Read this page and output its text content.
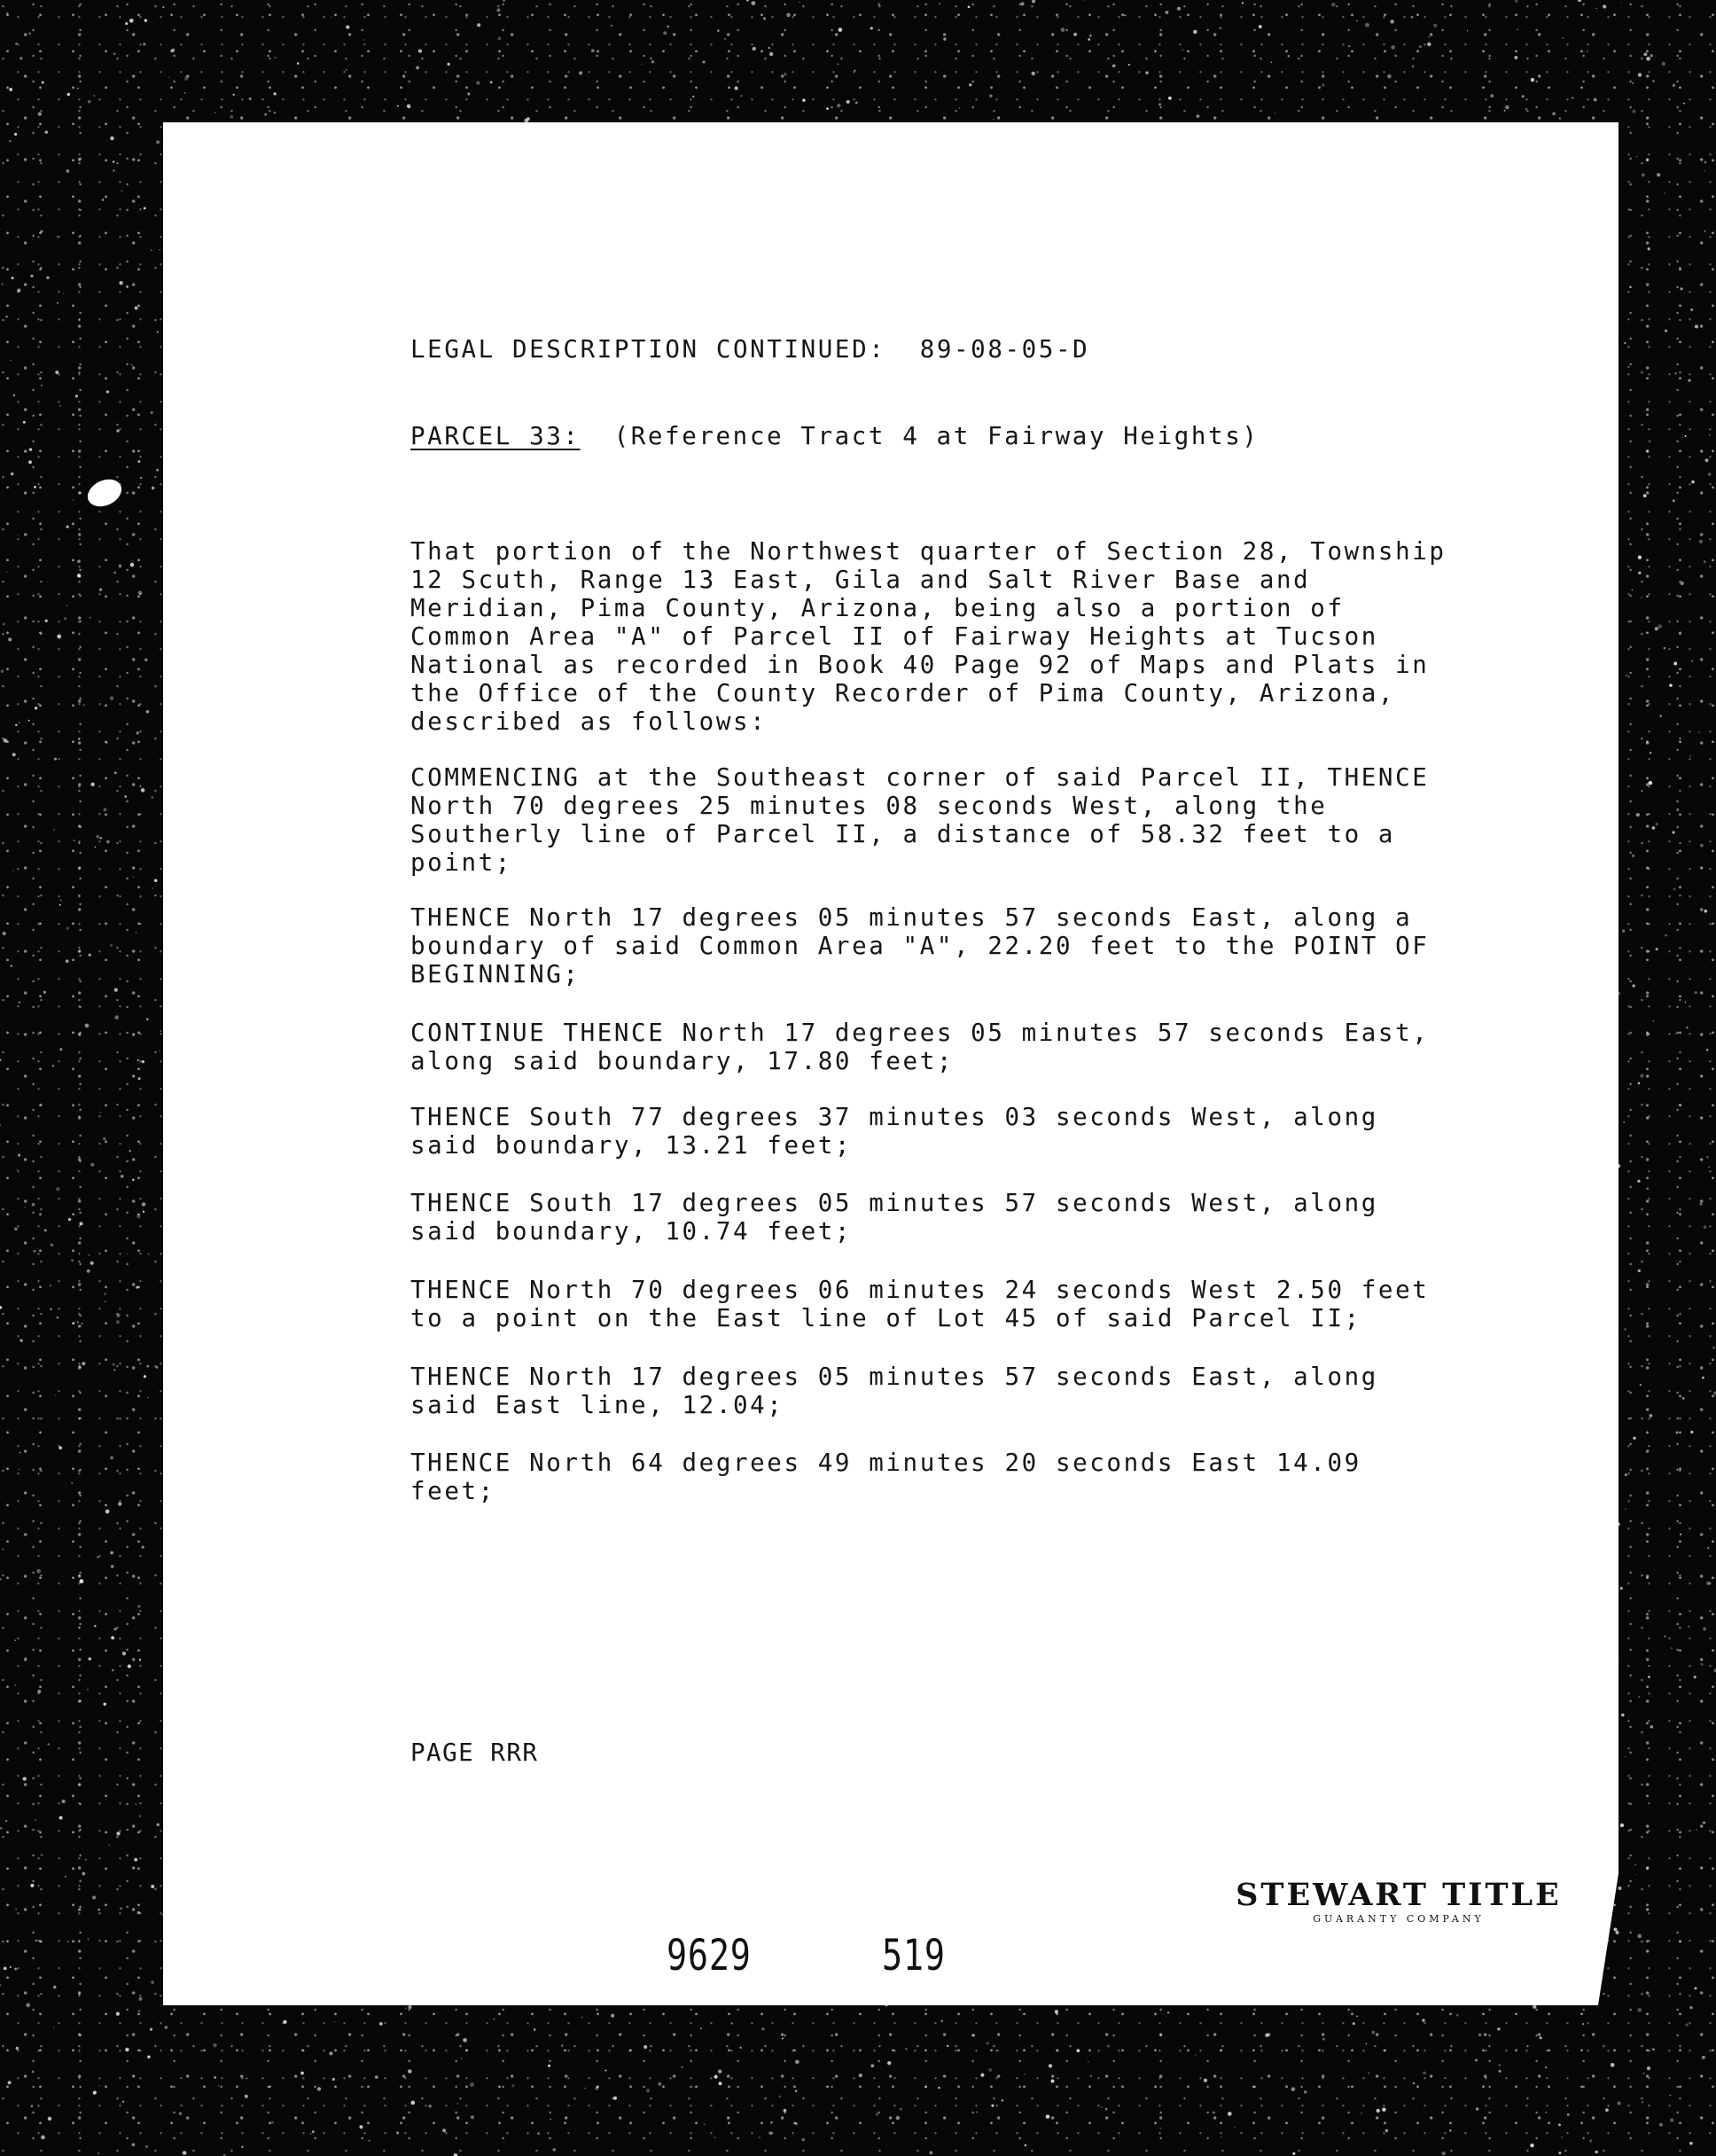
LEGAL DESCRIPTION CONTINUED:  89-08-05-D
PARCEL 33: (Reference Tract 4 at Fairway Heights)
That portion of the Northwest quarter of Section 28, Township
12 Scuth, Range 13 East, Gila and Salt River Base and
Meridian, Pima County, Arizona, being also a portion of
Common Area "A" of Parcel II of Fairway Heights at Tucson
National as recorded in Book 40 Page 92 of Maps and Plats in
the Office of the County Recorder of Pima County, Arizona,
described as follows:
COMMENCING at the Southeast corner of said Parcel II, THENCE
North 70 degrees 25 minutes 08 seconds West, along the
Southerly line of Parcel II, a distance of 58.32 feet to a
point;
THENCE North 17 degrees 05 minutes 57 seconds East, along a
boundary of said Common Area "A", 22.20 feet to the POINT OF
BEGINNING;
CONTINUE THENCE North 17 degrees 05 minutes 57 seconds East,
along said boundary, 17.80 feet;
THENCE South 77 degrees 37 minutes 03 seconds West, along
said boundary, 13.21 feet;
THENCE South 17 degrees 05 minutes 57 seconds West, along
said boundary, 10.74 feet;
THENCE North 70 degrees 06 minutes 24 seconds West 2.50 feet
to a point on the East line of Lot 45 of said Parcel II;
THENCE North 17 degrees 05 minutes 57 seconds East, along
said East line, 12.04;
THENCE North 64 degrees 49 minutes 20 seconds East 14.09
feet;
PAGE RRR
9629	519
STEWART TITLE
GUARANTY COMPANY
